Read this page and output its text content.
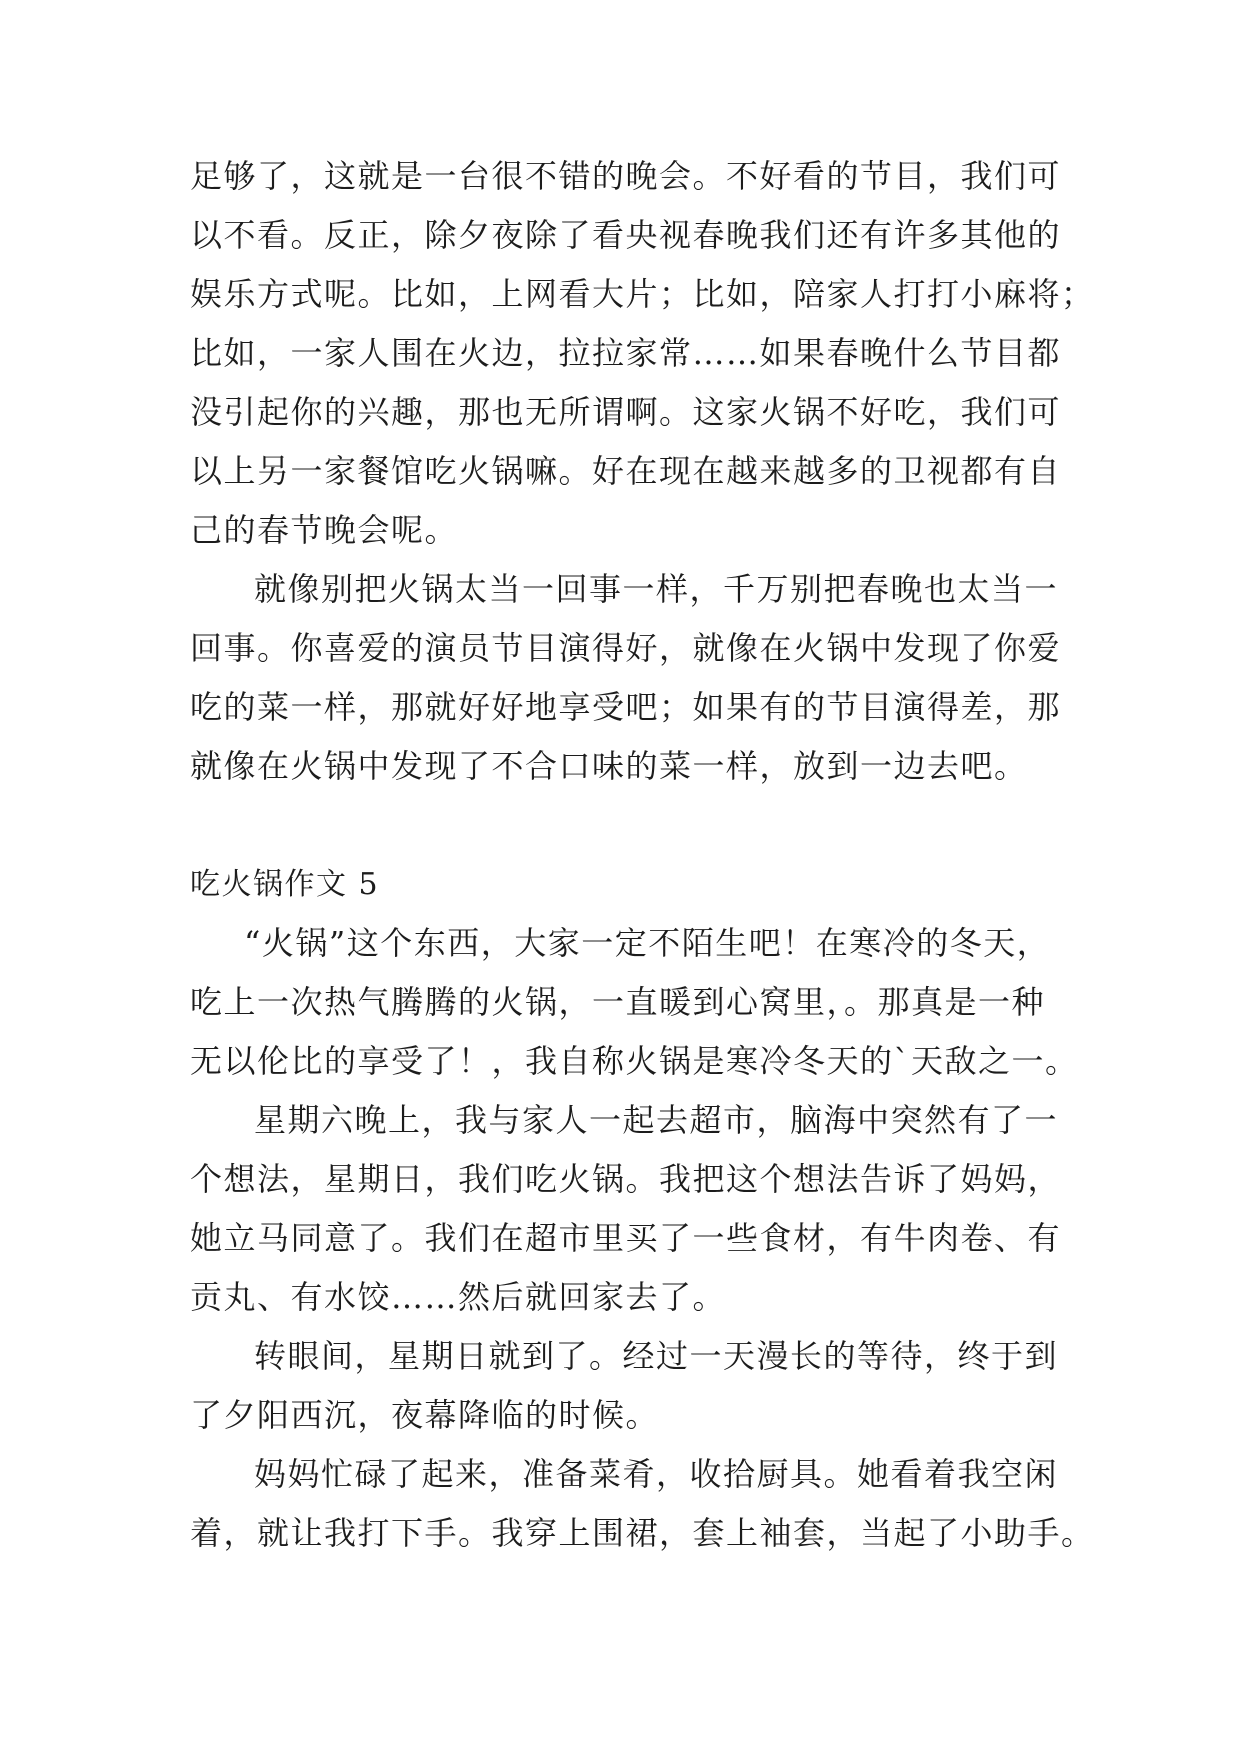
足够了，这就是一台很不错的晚会。不好看的节目，我们可
以不看。反正，除夕夜除了看央视春晚我们还有许多其他的
娱乐方式呢。比如，上网看大片；比如，陪家人打打小麻将；
比如，一家人围在火边，拉拉家常……如果春晚什么节目都
没引起你的兴趣，那也无所谓啊。这家火锅不好吃，我们可
以上另一家餐馆吃火锅嘛。好在现在越来越多的卫视都有自
己的春节晚会呢。
就像别把火锅太当一回事一样，千万别把春晚也太当一
回事。你喜爱的演员节目演得好，就像在火锅中发现了你爱
吃的菜一样，那就好好地享受吧；如果有的节目演得差，那
就像在火锅中发现了不合口味的菜一样，放到一边去吧。
吃火锅作文 5
“火锅”这个东西，大家一定不陌生吧！在寒冷的冬天，
吃上一次热气腾腾的火锅，一直暖到心窝里，。那真是一种
无以伦比的享受了！，我自称火锅是寒冷冬天的`天敌之一。
星期六晚上，我与家人一起去超市，脑海中突然有了一
个想法，星期日，我们吃火锅。我把这个想法告诉了妈妈，
她立马同意了。我们在超市里买了一些食材，有牛肉卷、有
贡丸、有水饺……然后就回家去了。
转眼间，星期日就到了。经过一天漫长的等待，终于到
了夕阳西沉，夜幕降临的时候。
妈妈忙碌了起来，准备菜肴，收拾厨具。她看着我空闲
着，就让我打下手。我穿上围裙，套上袖套，当起了小助手。
